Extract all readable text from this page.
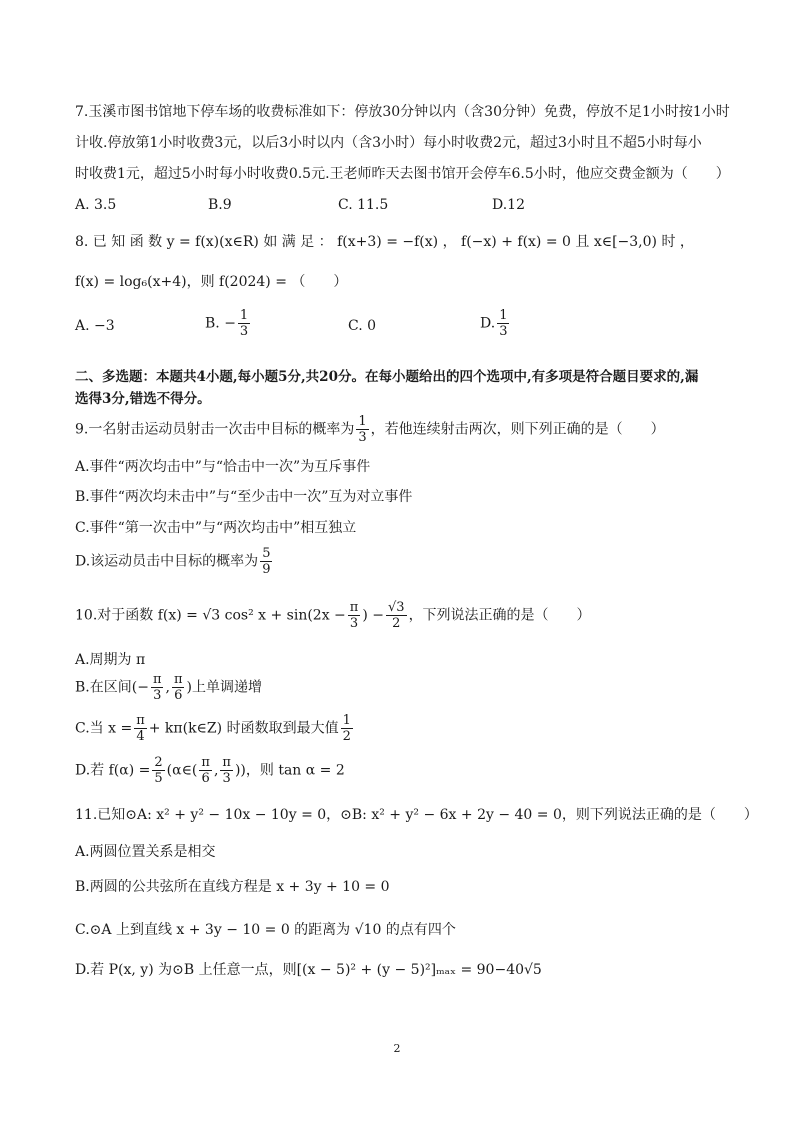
7.玉溪市图书馆地下停车场的收费标准如下：停放30分钟以内（含30分钟）免费，停放不足1小时按1小时
计收.停放第1小时收费3元，以后3小时以内（含3小时）每小时收费2元，超过3小时且不超5小时每小
时收费1元，超过5小时每小时收费0.5元.王老师昨天去图书馆开会停车6.5小时，他应交费金额为（　　）
A. 3.5	B.9	C. 11.5	D.12
8. 已 知 函 数 y = f(x)(x∈R) 如 满 足 ： f(x+3) = −f(x) ， f(−x) + f(x) = 0 且 x∈[−3,0) 时 ，
f(x) = log₆(x+4)，则 f(2024) = （　　）
A. −3	B. − $\frac{1}{3}$	C. 0	D. $\frac{1}{3}$
二、多选题：本题共4小题,每小题5分,共20分。在每小题给出的四个选项中,有多项是符合题目要求的,漏
选得3分,错选不得分。
9.一名射击运动员射击一次击中目标的概率为 $\frac{1}{3}$ ，若他连续射击两次，则下列正确的是（　　）
A.事件“两次均击中”与“恰击中一次”为互斥事件
B.事件“两次均未击中”与“至少击中一次”互为对立事件
C.事件“第一次击中”与“两次均击中”相互独立
D.该运动员击中目标的概率为 $\frac{5}{9}$
10.对于函数 f(x) = √3 cos² $x + \sin(2x - \frac{\pi}{3}$ ) − $\frac{√3}{2}$ ，下列说法正确的是（　　）
A.周期为 π
B.在区间(− $\frac{\pi}{3}$ , $\frac{\pi}{6}$ )上单调递增
C.当 $x = \frac{\pi}{4}$ + kπ(k∈Z) 时函数取到最大值 $\frac{1}{2}$
D.若 $f(\alpha) = \frac{2}{5}$ (α∈( $\frac{\pi}{6}$ , $\frac{\pi}{3}$ ))，则 tan α = 2
11.已知⊙A: x² + y² − 10x − 10y = 0，⊙B: x² + y² − 6x + 2y − 40 = 0，则下列说法正确的是（　　）
A.两圆位置关系是相交
B.两圆的公共弦所在直线方程是 x + 3y + 10 = 0
C.⊙A 上到直线 x + 3y − 10 = 0 的距离为 √10 的点有四个
D.若 P(x, y) 为⊙B 上任意一点，则[(x − 5)² + (y − 5)²]ₘₐₓ = 90−40√5
2
